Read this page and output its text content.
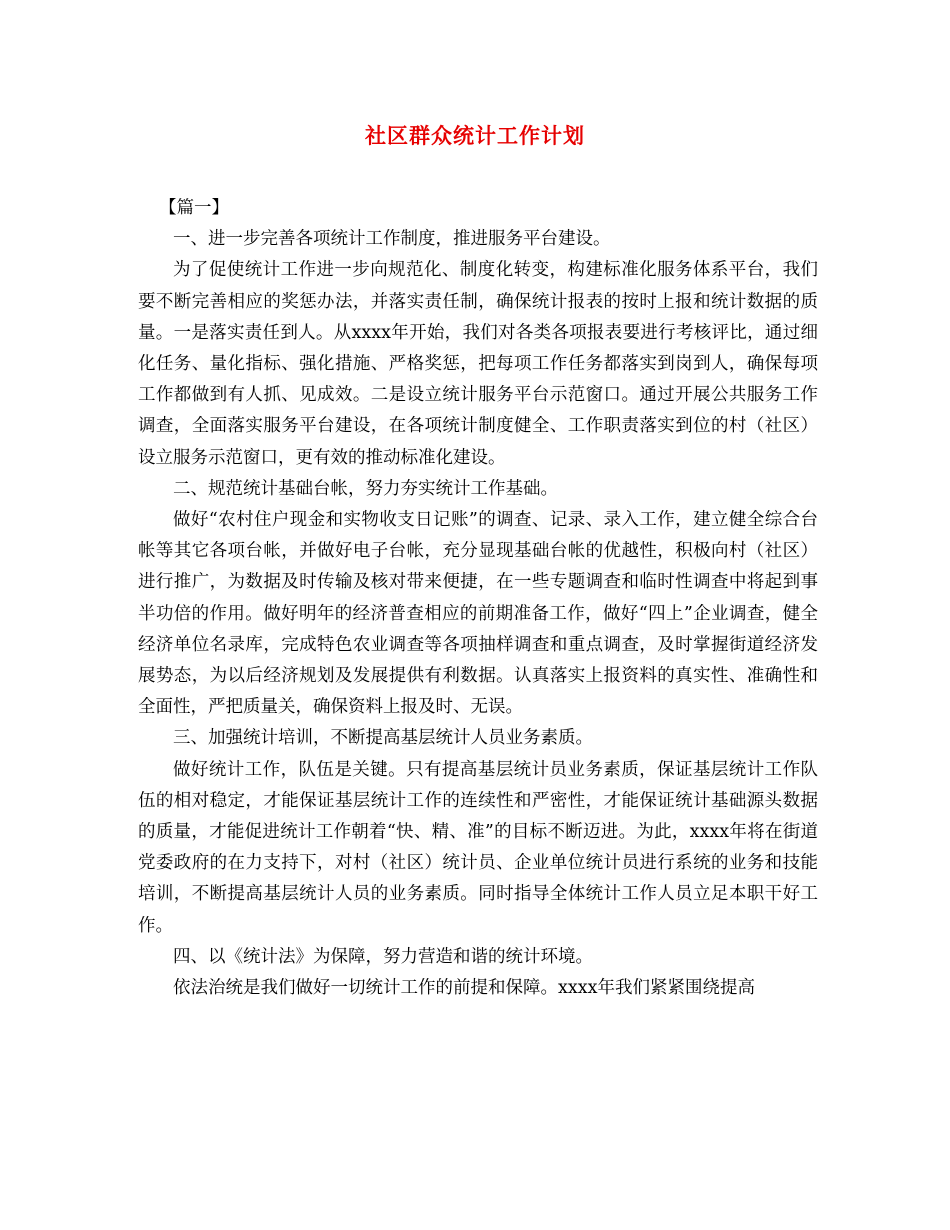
社区群众统计工作计划

【篇一】

一、进一步完善各项统计工作制度，推进服务平台建设。

为了促使统计工作进一步向规范化、制度化转变，构建标准化服务体系平台，我们要不断完善相应的奖惩办法，并落实责任制，确保统计报表的按时上报和统计数据的质量。一是落实责任到人。从xxxx年开始，我们对各类各项报表要进行考核评比，通过细化任务、量化指标、强化措施、严格奖惩，把每项工作任务都落实到岗到人，确保每项工作都做到有人抓、见成效。二是设立统计服务平台示范窗口。通过开展公共服务工作调查，全面落实服务平台建设，在各项统计制度健全、工作职责落实到位的村（社区）设立服务示范窗口，更有效的推动标准化建设。

二、规范统计基础台帐，努力夯实统计工作基础。

做好“农村住户现金和实物收支日记账”的调查、记录、录入工作，建立健全综合台帐等其它各项台帐，并做好电子台帐，充分显现基础台帐的优越性，积极向村（社区）进行推广，为数据及时传输及核对带来便捷，在一些专题调查和临时性调查中将起到事半功倍的作用。做好明年的经济普查相应的前期准备工作，做好“四上”企业调查，健全经济单位名录库，完成特色农业调查等各项抽样调查和重点调查，及时掌握街道经济发展势态，为以后经济规划及发展提供有利数据。认真落实上报资料的真实性、准确性和全面性，严把质量关，确保资料上报及时、无误。

三、加强统计培训，不断提高基层统计人员业务素质。

做好统计工作，队伍是关键。只有提高基层统计员业务素质，保证基层统计工作队伍的相对稳定，才能保证基层统计工作的连续性和严密性，才能保证统计基础源头数据的质量，才能促进统计工作朝着“快、精、准”的目标不断迈进。为此，xxxx年将在街道党委政府的在力支持下，对村（社区）统计员、企业单位统计员进行系统的业务和技能培训，不断提高基层统计人员的业务素质。同时指导全体统计工作人员立足本职干好工作。

四、以《统计法》为保障，努力营造和谐的统计环境。

依法治统是我们做好一切统计工作的前提和保障。xxxx年我们紧紧围绕提高
